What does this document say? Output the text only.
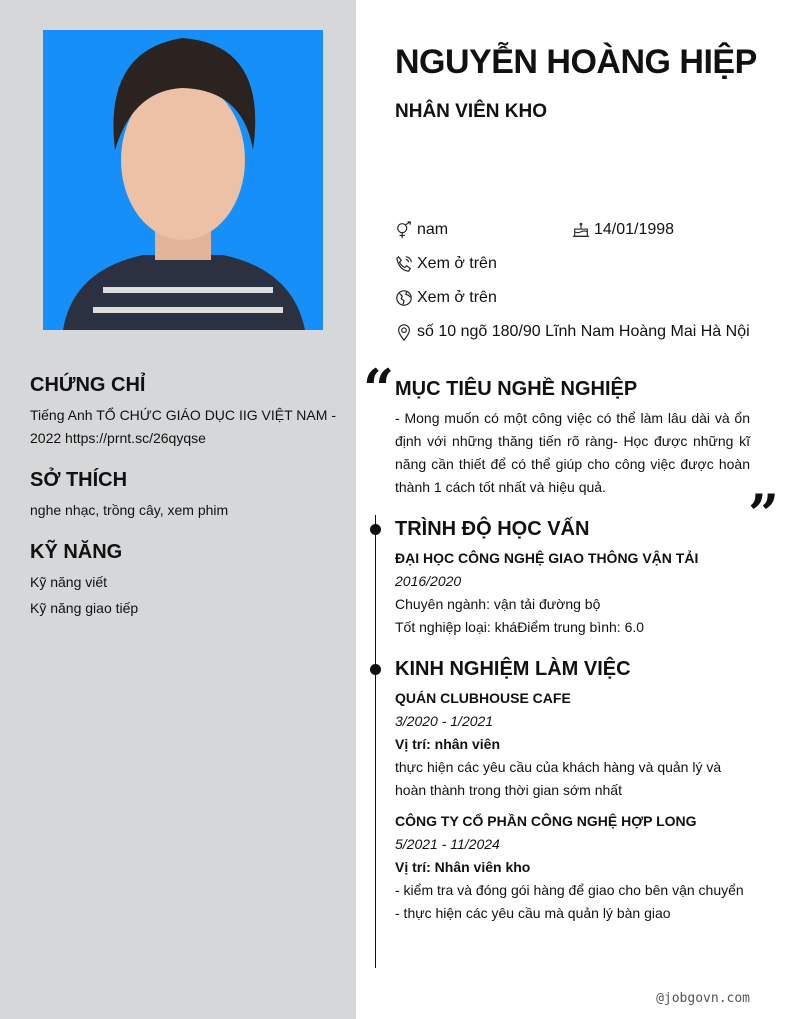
CHỨNG CHỈ
Tiếng Anh TỔ CHỨC GIÁO DỤC IIG VIỆT NAM - 2022 https://prnt.sc/26qyqse
SỞ THÍCH
nghe nhạc, trồng cây, xem phim
KỸ NĂNG
Kỹ năng viết
Kỹ năng giao tiếp
NGUYỄN HOÀNG HIỆP
NHÂN VIÊN KHO
nam	14/01/1998
Xem ở trên
Xem ở trên
số 10 ngõ 180/90 Lĩnh Nam Hoàng Mai Hà Nội
“ MỤC TIÊU NGHỀ NGHIỆP
- Mong muốn có một công việc có thể làm lâu dài và ổn định với những thăng tiến rõ ràng- Học được những kĩ năng cần thiết để có thể giúp cho công việc được hoàn thành 1 cách tốt nhất và hiệu quả.	”
TRÌNH ĐỘ HỌC VẤN
ĐẠI HỌC CÔNG NGHỆ GIAO THÔNG VẬN TẢI
2016/2020
Chuyên ngành: vận tải đường bộ
Tốt nghiệp loại: kháĐiểm trung bình: 6.0
KINH NGHIỆM LÀM VIỆC
QUÁN CLUBHOUSE CAFE
3/2020 - 1/2021
Vị trí: nhân viên
thực hiện các yêu cầu của khách hàng và quản lý và hoàn thành trong thời gian sớm nhất
CÔNG TY CỔ PHẦN CÔNG NGHỆ HỢP LONG
5/2021 - 11/2024
Vị trí: Nhân viên kho
- kiểm tra và đóng gói hàng để giao cho bên vận chuyển - thực hiện các yêu cầu mà quản lý bàn giao
@jobgovn.com
